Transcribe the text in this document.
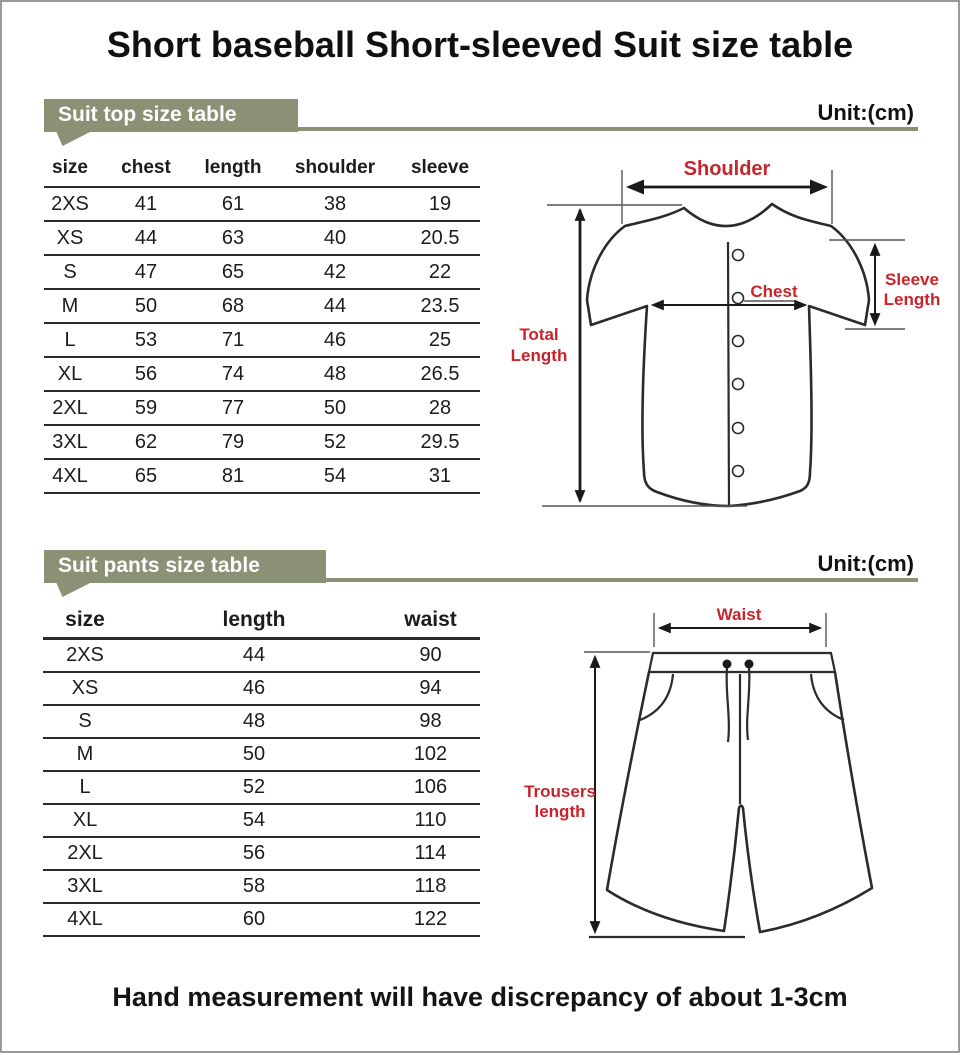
Short baseball Short-sleeved Suit size table
Suit top size table	Unit:(cm)
size	chest	length	shoulder	sleeve
2XS	41	61	38	19
XS	44	63	40	20.5
S	47	65	42	22
M	50	68	44	23.5
L	53	71	46	25
XL	56	74	48	26.5
2XL	59	77	50	28
3XL	62	79	52	29.5
4XL	65	81	54	31
Shoulder
Chest
Total
Length
Sleeve
Length
Suit pants size table	Unit:(cm)
size	length	waist
2XS	44	90
XS	46	94
S	48	98
M	50	102
L	52	106
XL	54	110
2XL	56	114
3XL	58	118
4XL	60	122
Waist
Trousers
length
Hand measurement will have discrepancy of about 1-3cm
